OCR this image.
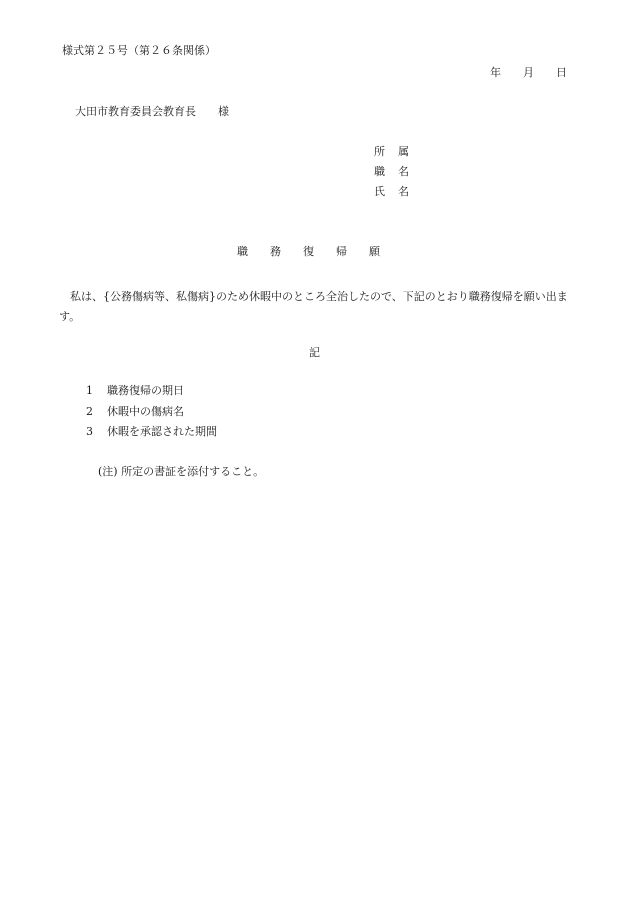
様式第２５号（第２６条関係）
年 月 日
大田市教育委員会教育長 様
所 属
職 名
氏 名
職 務 復 帰 願
私は、{公務傷病等、私傷病}のため休暇中のところ全治したので、下記のとおり職務復帰を願い出ます。
記
1 職務復帰の期日
2 休暇中の傷病名
3 休暇を承認された期間
(注) 所定の書証を添付すること。
